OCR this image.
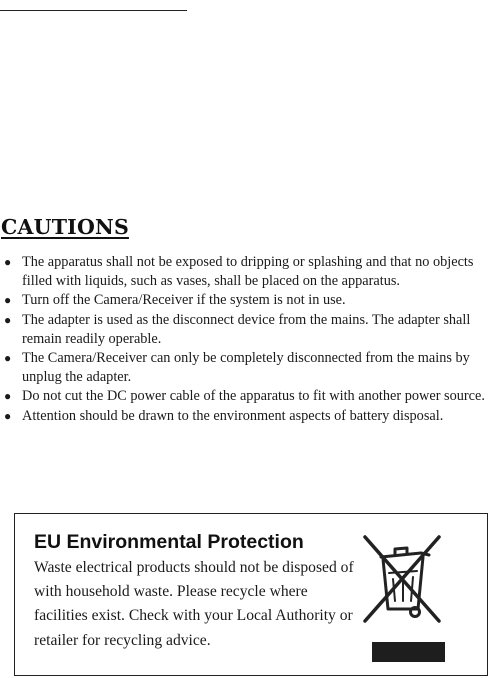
CAUTIONS
● The apparatus shall not be exposed to dripping or splashing and that no objects filled with liquids, such as vases, shall be placed on the apparatus.
● Turn off the Camera/Receiver if the system is not in use.
● The adapter is used as the disconnect device from the mains. The adapter shall remain readily operable.
● The Camera/Receiver can only be completely disconnected from the mains by unplug the adapter.
● Do not cut the DC power cable of the apparatus to fit with another power source.
● Attention should be drawn to the environment aspects of battery disposal.
EU Environmental Protection

Waste electrical products should not be disposed of with household waste. Please recycle where facilities exist. Check with your Local Authority or retailer for recycling advice.
